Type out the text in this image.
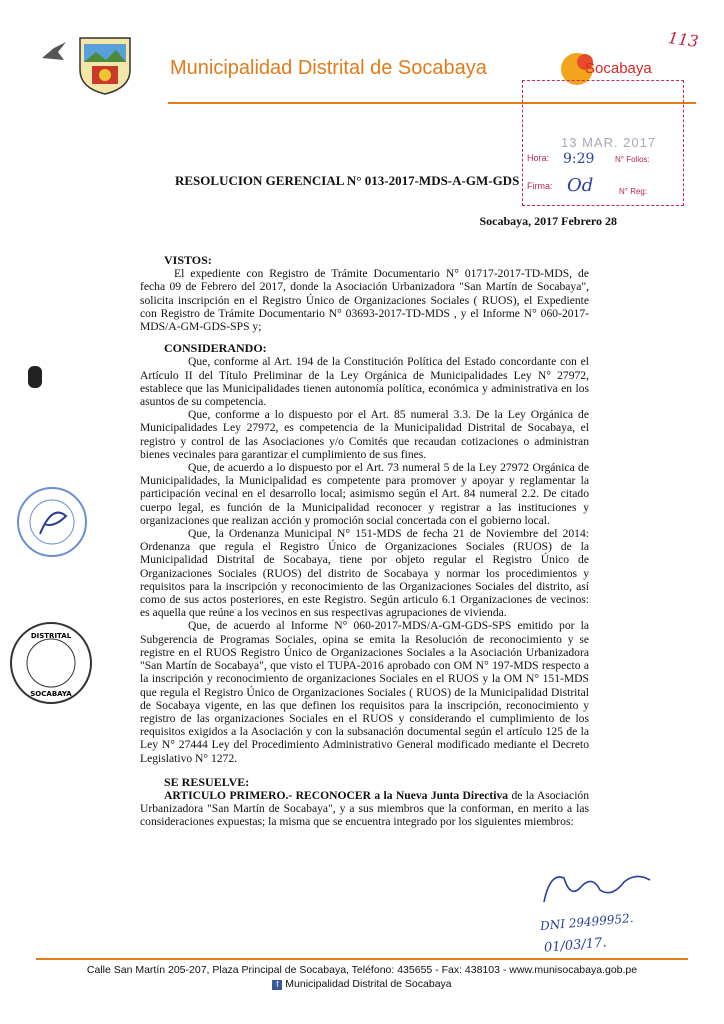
Municipalidad Distrital de Socabaya	Socabaya
113
13 MAR. 2017
Hora: 9:29	N° Folios:
Firma: Od	N° Reg:
RESOLUCION GERENCIAL N° 013-2017-MDS-A-GM-GDS
Socabaya, 2017 Febrero 28

VISTOS:

El expediente con Registro de Trámite Documentario N° 01717-2017-TD-MDS, de fecha 09 de Febrero del 2017, donde la Asociación Urbanizadora "San Martín de Socabaya", solicita inscripción en el Registro Único de Organizaciones Sociales ( RUOS), el Expediente con Registro de Trámite Documentario N° 03693-2017-TD-MDS , y el Informe N° 060-2017-MDS/A-GM-GDS-SPS y;

CONSIDERANDO:

Que, conforme al Art. 194 de la Constitución Política del Estado concordante con el Artículo II del Título Preliminar de la Ley Orgánica de Municipalidades Ley N° 27972, establece que las Municipalidades tienen autonomía política, económica y administrativa en los asuntos de su competencia.

Que, conforme a lo dispuesto por el Art. 85 numeral 3.3. De la Ley Orgánica de Municipalidades Ley 27972, es competencia de la Municipalidad Distrital de Socabaya, el registro y control de las Asociaciones y/o Comités que recaudan cotizaciones o administran bienes vecinales para garantizar el cumplimiento de sus fines.

Que, de acuerdo a lo dispuesto por el Art. 73 numeral 5 de la Ley 27972 Orgánica de Municipalidades, la Municipalidad es competente para promover y apoyar y reglamentar la participación vecinal en el desarrollo local; asimismo según el Art. 84 numeral 2.2. De citado cuerpo legal, es función de la Municipalidad reconocer y registrar a las instituciones y organizaciones que realizan acción y promoción social concertada con el gobierno local.

Que, la Ordenanza Municipal N° 151-MDS de fecha 21 de Noviembre del 2014: Ordenanza que regula el Registro Único de Organizaciones Sociales (RUOS) de la Municipalidad Distrital de Socabaya, tiene por objeto regular el Registro Único de Organizaciones Sociales (RUOS) del distrito de Socabaya y normar los procedimientos y requisitos para la inscripción y reconocimiento de las Organizaciones Sociales del distrito, así como de sus actos posteriores, en este Registro. Según articulo 6.1 Organizaciones de vecinos: es aquella que reúne a los vecinos en sus respectivas agrupaciones de vivienda.

Que, de acuerdo al Informe N° 060-2017-MDS/A-GM-GDS-SPS emitido por la Subgerencia de Programas Sociales, opina se emita la Resolución de reconocimiento y se registre en el RUOS Registro Único de Organizaciones Sociales a la Asociación Urbanizadora "San Martín de Socabaya", que visto el TUPA-2016 aprobado con OM N° 197-MDS respecto a la inscripción y reconocimiento de organizaciones Sociales en el RUOS y la OM N° 151-MDS que regula el Registro Único de Organizaciones Sociales ( RUOS) de la Municipalidad Distrital de Socabaya vigente, en las que definen los requisitos para la inscripción, reconocimiento y registro de las organizaciones Sociales en el RUOS y considerando el cumplimiento de los requisitos exigidos a la Asociación y con la subsanación documental según el artículo 125 de la Ley N° 27444 Ley del Procedimiento Administrativo General modificado mediante el Decreto Legislativo N° 1272.

SE RESUELVE:

ARTICULO PRIMERO.- RECONOCER a la Nueva Junta Directiva de la Asociación Urbanizadora "San Martín de Socabaya", y a sus miembros que la conforman, en merito a las consideraciones expuestas; la misma que se encuentra integrado por los siguientes miembros:

DISTRITAL
SOCABAYA
DNI 29499952.
01/03/17.
Calle San Martín 205-207, Plaza Principal de Socabaya, Teléfono: 435655 - Fax: 438103 - www.munisocabaya.gob.pe
f Municipalidad Distrital de Socabaya
